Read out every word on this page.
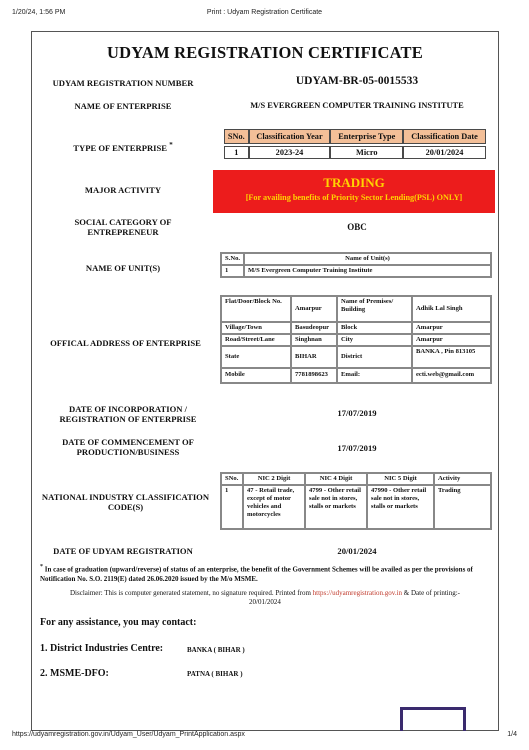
1/20/24, 1:56 PM	Print : Udyam Registration Certificate
UDYAM REGISTRATION CERTIFICATE
UDYAM REGISTRATION NUMBER	UDYAM-BR-05-0015533
NAME OF ENTERPRISE	M/S EVERGREEN COMPUTER TRAINING INSTITUTE
TYPE OF ENTERPRISE *
SNo.	Classification Year	Enterprise Type	Classification Date

1	2023-24	Micro	20/01/2024
MAJOR ACTIVITY	TRADING
[For availing benefits of Priority Sector Lending(PSL) ONLY]
SOCIAL CATEGORY OF ENTREPRENEUR
OBC
NAME OF UNIT(S)
S.No.	Name of Unit(s)
1	M/S Evergreen Computer Training Institute
OFFICAL ADDRESS OF ENTERPRISE
Flat/Door/Block No.	Amarpur	Name of Premises/ Building	Adhik Lal Singh
Village/Town	Basudeopur	Block	Amarpur
Road/Street/Lane	Singhnan	City	Amarpur
State	BIHAR	District	BANKA , Pin 813105
Mobile	7781898623	Email:	ecti.web@gmail.com
DATE OF INCORPORATION / REGISTRATION OF ENTERPRISE
17/07/2019
DATE OF COMMENCEMENT OF PRODUCTION/BUSINESS	17/07/2019
NATIONAL INDUSTRY CLASSIFICATION CODE(S)
SNo.	NIC 2 Digit	NIC 4 Digit	NIC 5 Digit	Activity
1	47 - Retail trade, except of motor vehicles and motorcycles	4799 - Other retail sale not in stores, stalls or markets	47990 - Other retail sale not in stores, stalls or markets	Trading
DATE OF UDYAM REGISTRATION	20/01/2024
* In case of graduation (upward/reverse) of status of an enterprise, the benefit of the Government Schemes will be availed as per the provisions of Notification No. S.O. 2119(E) dated 26.06.2020 issued by the M/o MSME.
Disclaimer: This is computer generated statement, no signature required. Printed from https://udyamregistration.gov.in & Date of printing:-
20/01/2024
For any assistance, you may contact:
1. District Industries Centre:	BANKA ( BIHAR )
2. MSME-DFO:	PATNA ( BIHAR )
https://udyamregistration.gov.in/Udyam_User/Udyam_PrintApplication.aspx	1/4
